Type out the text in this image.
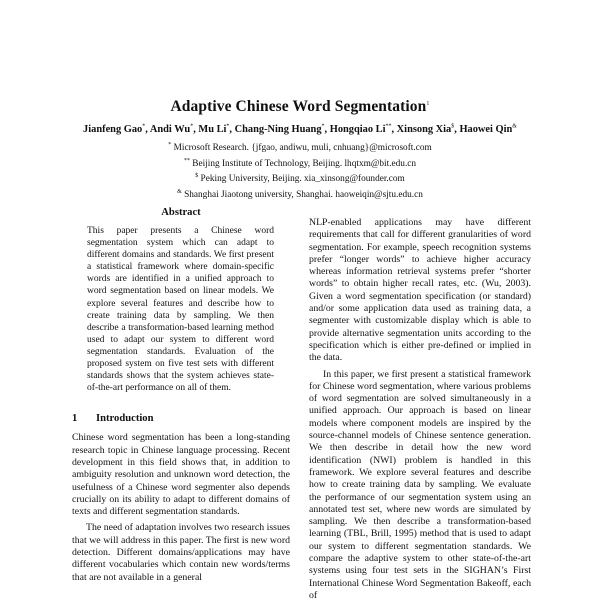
Adaptive Chinese Word Segmentation$^1$
Jianfeng Gao*, Andi Wu*, Mu Li*, Chang-Ning Huang*, Hongqiao Li**, Xinsong Xia$, Haowei Qin&
* Microsoft Research. {jfgao, andiwu, muli, cnhuang}@microsoft.com
** Beijing Institute of Technology, Beijing. lhqtxm@bit.edu.cn
$ Peking University, Beijing. xia_xinsong@founder.com
& Shanghai Jiaotong university, Shanghai. haoweiqin@sjtu.edu.cn
Abstract

This paper presents a Chinese word segmentation system which can adapt to different domains and standards. We first present a statistical framework where domain-specific words are identified in a unified approach to word segmentation based on linear models. We explore several features and describe how to create training data by sampling. We then describe a transformation-based learning method used to adapt our system to different word segmentation standards. Evaluation of the proposed system on five test sets with different standards shows that the system achieves state- of-the-art performance on all of them.

1	Introduction

Chinese word segmentation has been a long-standing research topic in Chinese language processing. Recent development in this field shows that, in addition to ambiguity resolution and unknown word detection, the usefulness of a Chinese word segmenter also depends crucially on its ability to adapt to different domains of texts and different segmentation standards.

The need of adaptation involves two research issues that we will address in this paper. The first is new word detection. Different domains/applications may have different vocabularies which contain new words/terms that are not available in a general

NLP-enabled applications may have different requirements that call for different granularities of word segmentation. For example, speech recognition systems prefer “longer words” to achieve higher accuracy whereas information retrieval systems prefer “shorter words” to obtain higher recall rates, etc. (Wu, 2003). Given a word segmentation specification (or standard) and/or some application data used as training data, a segmenter with customizable display which is able to provide alternative segmentation units according to the specification which is either pre-defined or implied in the data.

In this paper, we first present a statistical framework for Chinese word segmentation, where various problems of word segmentation are solved simultaneously in a unified approach. Our approach is based on linear models where component models are inspired by the source-channel models of Chinese sentence generation. We then describe in detail how the new word identification (NWI) problem is handled in this framework. We explore several features and describe how to create training data by sampling. We evaluate the performance of our segmentation system using an annotated test set, where new words are simulated by sampling. We then describe a transformation-based learning (TBL, Brill, 1995) method that is used to adapt our system to different segmentation standards. We compare the adaptive system to other state-of-the-art systems using four test sets in the SIGHAN’s First International Chinese Word Segmentation Bakeoff, each of
